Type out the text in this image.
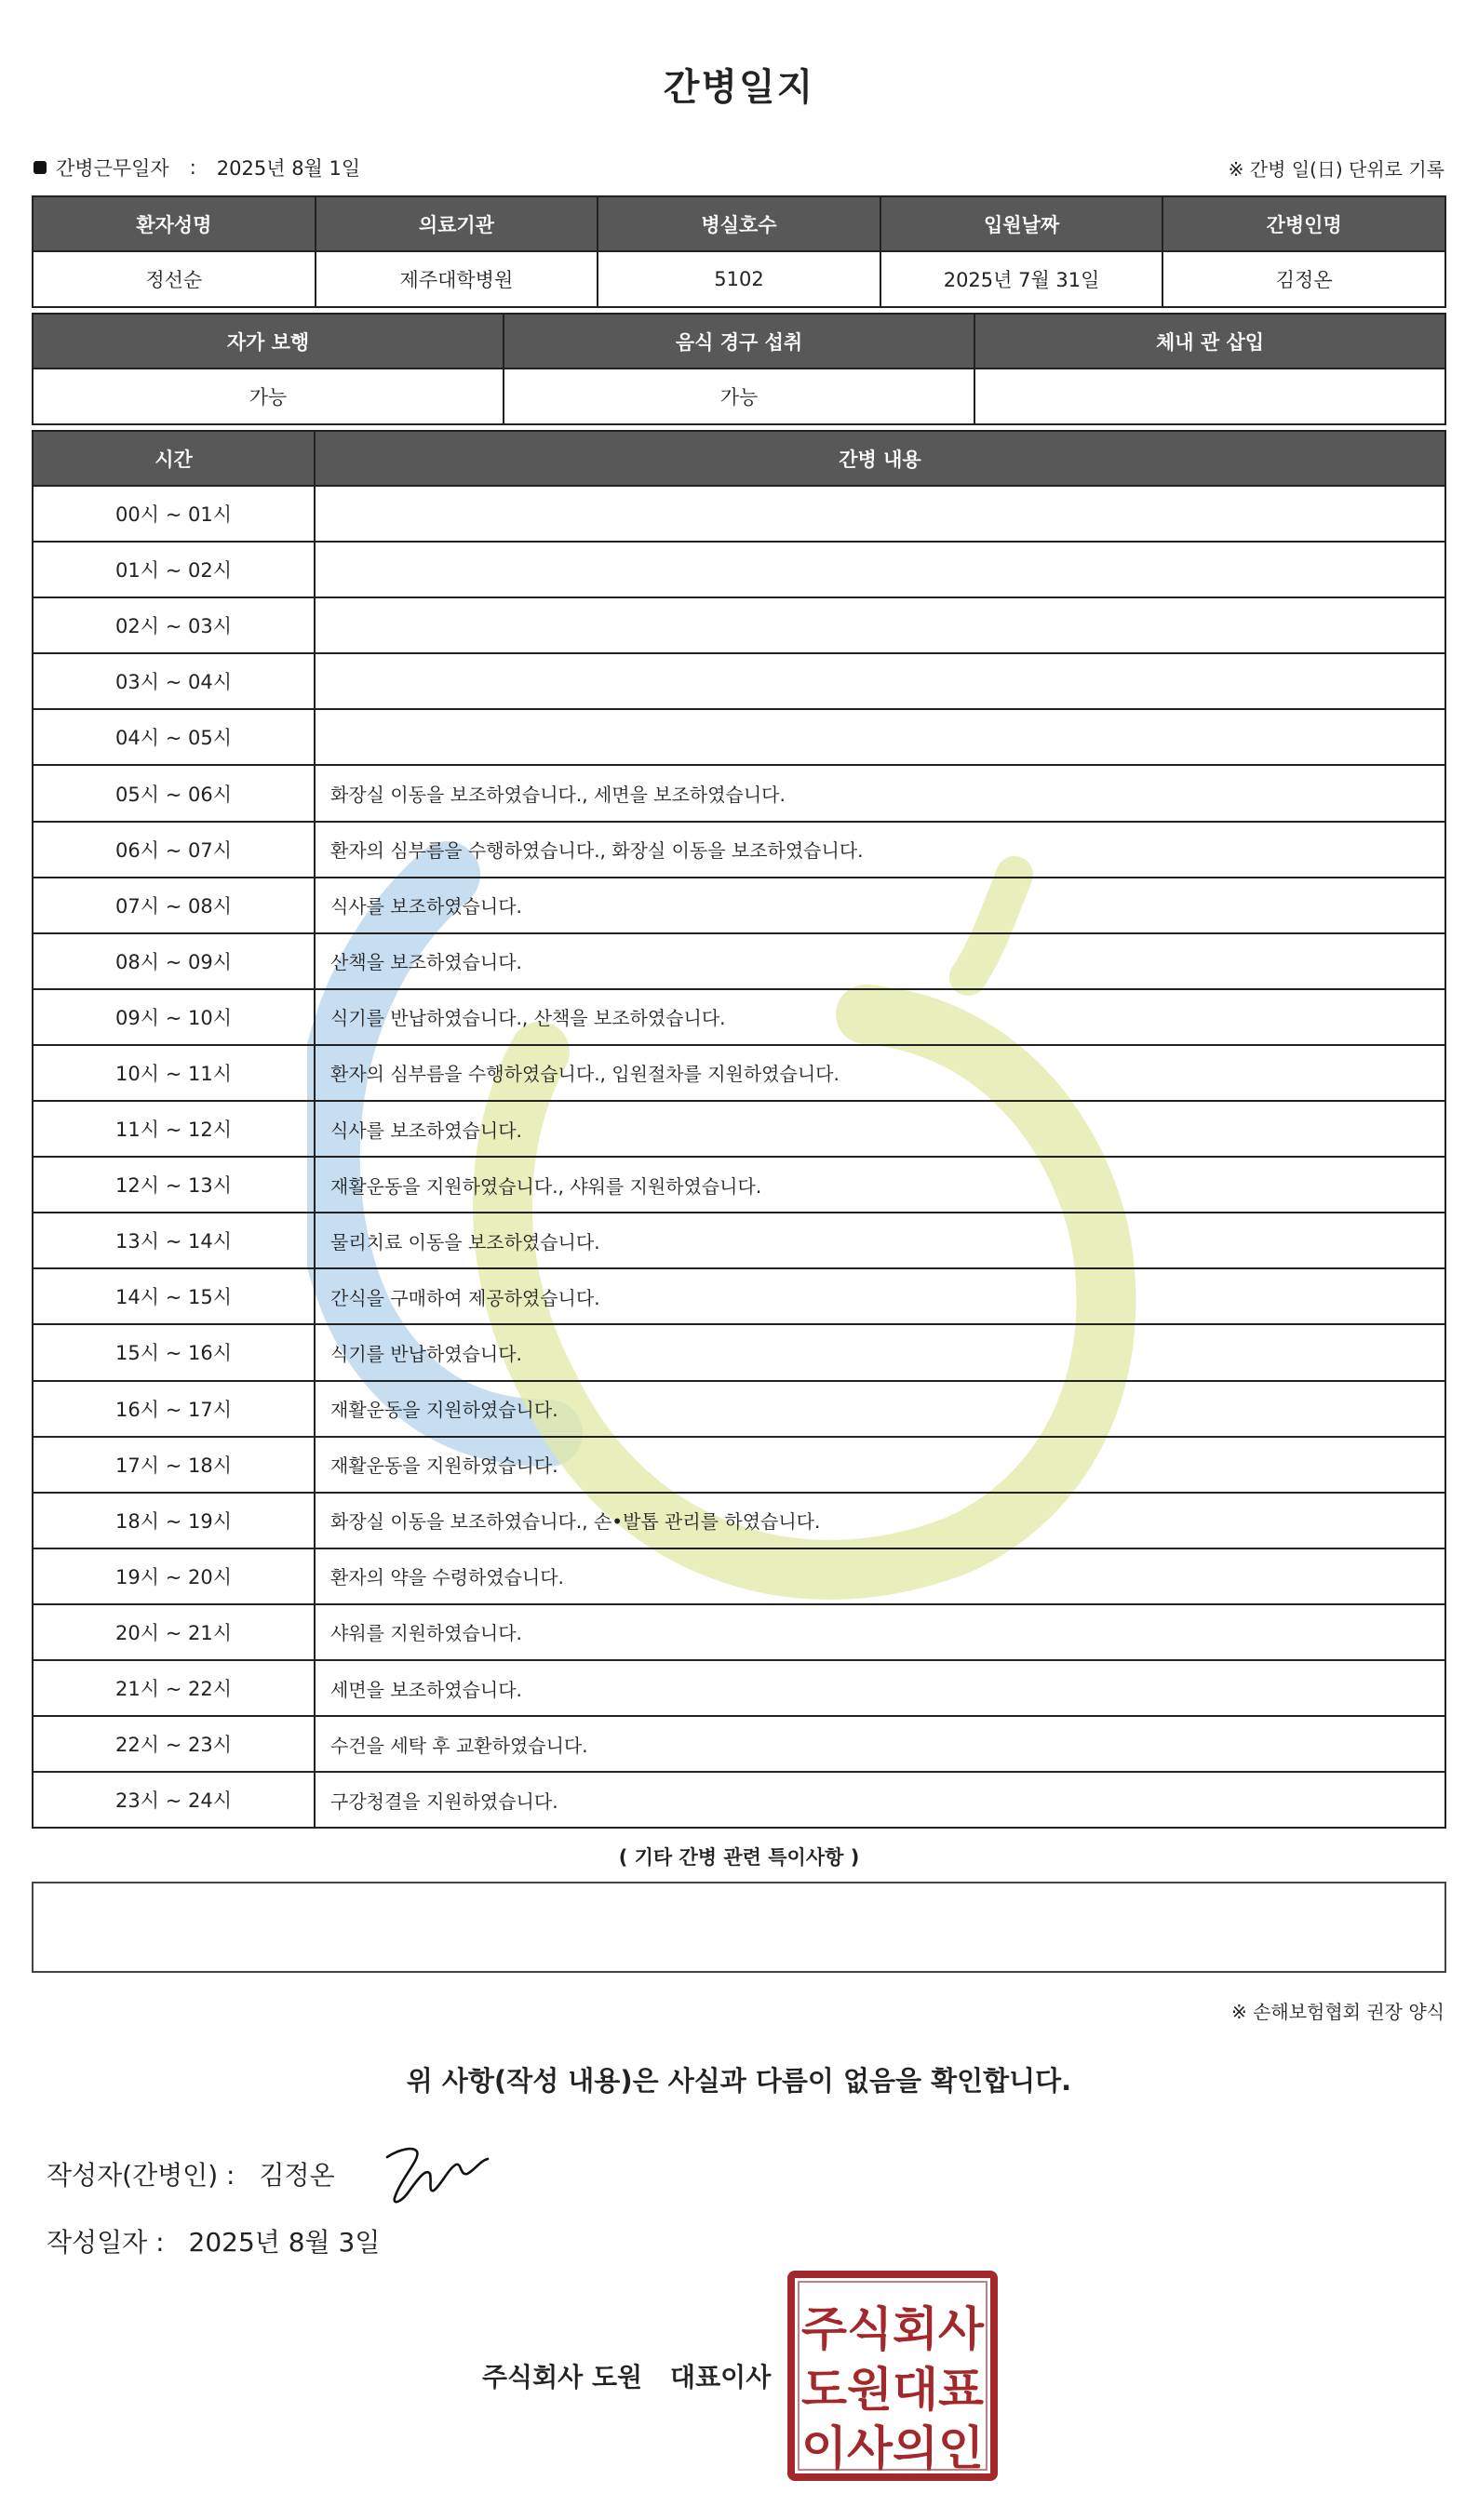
간병일지
간병근무일자 : 2025년 8월 1일	※ 간병 일(日) 단위로 기록
환자성명	의료기관	병실호수	입원날짜	간병인명
정선순	제주대학병원	5102	2025년 7월 31일	김정온
자가 보행	음식 경구 섭취	체내 관 삽입
가능	가능	
시간	간병 내용
00시 ~ 01시	
01시 ~ 02시	
02시 ~ 03시	
03시 ~ 04시	
04시 ~ 05시	
05시 ~ 06시	화장실 이동을 보조하였습니다., 세면을 보조하였습니다.
06시 ~ 07시	환자의 심부름을 수행하였습니다., 화장실 이동을 보조하였습니다.
07시 ~ 08시	식사를 보조하였습니다.
08시 ~ 09시	산책을 보조하였습니다.
09시 ~ 10시	식기를 반납하였습니다., 산책을 보조하였습니다.
10시 ~ 11시	환자의 심부름을 수행하였습니다., 입원절차를 지원하였습니다.
11시 ~ 12시	식사를 보조하였습니다.
12시 ~ 13시	재활운동을 지원하였습니다., 샤워를 지원하였습니다.
13시 ~ 14시	물리치료 이동을 보조하였습니다.
14시 ~ 15시	간식을 구매하여 제공하였습니다.
15시 ~ 16시	식기를 반납하였습니다.
16시 ~ 17시	재활운동을 지원하였습니다.
17시 ~ 18시	재활운동을 지원하였습니다.
18시 ~ 19시	화장실 이동을 보조하였습니다., 손•발톱 관리를 하였습니다.
19시 ~ 20시	환자의 약을 수령하였습니다.
20시 ~ 21시	샤워를 지원하였습니다.
21시 ~ 22시	세면을 보조하였습니다.
22시 ~ 23시	수건을 세탁 후 교환하였습니다.
23시 ~ 24시	구강청결을 지원하였습니다.
( 기타 간병 관련 특이사항 )
※ 손해보험협회 권장 양식
위 사항(작성 내용)은 사실과 다름이 없음을 확인합니다.
작성자(간병인) : 김정온
작성일자 : 2025년 8월 3일
주식회사 도원 대표이사
주식회사
도원대표
이사의인
